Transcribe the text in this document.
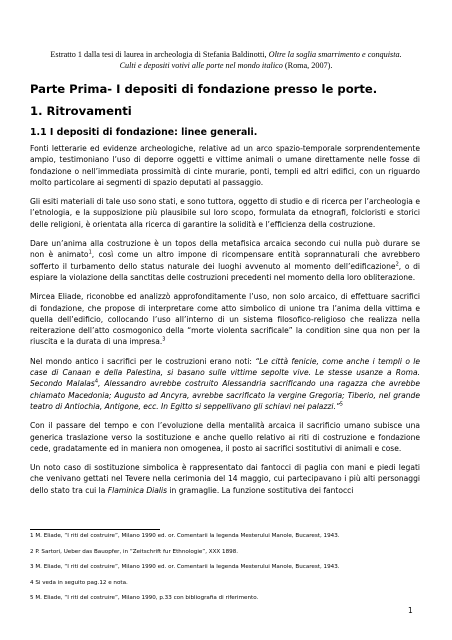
Estratto 1 dalla tesi di laurea in archeologia di Stefania Baldinotti, Oltre la soglia smarrimento e conquista.
Culti e depositi votivi alle porte nel mondo italico (Roma, 2007).
Parte Prima- I depositi di fondazione presso le porte.
1. Ritrovamenti
1.1 I depositi di fondazione: linee generali.

Fonti letterarie ed evidenze archeologiche, relative ad un arco spazio-temporale sorprendentemente ampio, testimoniano l’uso di deporre oggetti e vittime animali o umane direttamente nelle fosse di fondazione o nell’immediata prossimità di cinte murarie, ponti, templi ed altri edifici, con un riguardo molto particolare ai segmenti di spazio deputati al passaggio.

Gli esiti materiali di tale uso sono stati, e sono tuttora, oggetto di studio e di ricerca per l’archeologia e l’etnologia, e la supposizione più plausibile sul loro scopo, formulata da etnografi, folcloristi e storici delle religioni, è orientata alla ricerca di garantire la solidità e l’efficienza della costruzione.

Dare un’anima alla costruzione è un topos della metafisica arcaica secondo cui nulla può durare se non è animato$^1$, così come un altro impone di ricompensare entità soprannaturali che avrebbero sofferto il turbamento dello status naturale dei luoghi avvenuto al momento dell’edificazione$^2$, o di espiare la violazione della sanctitas delle costruzioni precedenti nel momento della loro obliterazione.

Mircea Eliade, riconobbe ed analizzò approfonditamente l’uso, non solo arcaico, di effettuare sacrifici di fondazione, che propose di interpretare come atto simbolico di unione tra l’anima della vittima e quella dell’edificio, collocando l’uso all’interno di un sistema filosofico-religioso che realizza nella reiterazione dell’atto cosmogonico della “morte violenta sacrificale” la condition sine qua non per la riuscita e la durata di una impresa.$^3$

Nel mondo antico i sacrifici per le costruzioni erano noti: “Le città fenicie, come anche i templi o le case di Canaan e della Palestina, si basano sulle vittime sepolte vive. Le stesse usanze a Roma. Secondo Malalas$^4$, Alessandro avrebbe costruito Alessandria sacrificando una ragazza che avrebbe chiamato Macedonia; Augusto ad Ancyra, avrebbe sacrificato la vergine Gregoria; Tiberio, nel grande teatro di Antiochia, Antigone, ecc. In Egitto si seppellivano gli schiavi nei palazzi.”$^5$

Con il passare del tempo e con l’evoluzione della mentalità arcaica il sacrificio umano subisce una generica traslazione verso la sostituzione e anche quello relativo ai riti di costruzione e fondazione cede, gradatamente ed in maniera non omogenea, il posto ai sacrifici sostitutivi di animali e cose.

Un noto caso di sostituzione simbolica è rappresentato dai fantocci di paglia con mani e piedi legati che venivano gettati nel Tevere nella cerimonia del 14 maggio, cui partecipavano i più alti personaggi dello stato tra cui la Flaminica Dialis in gramaglie. La funzione sostitutiva dei fantocci

1 M. Eliade, “I riti del costruire”, Milano 1990 ed. or. Comentarii la legenda Mesterului Manole, Bucarest, 1943.
2 P. Sartori, Ueber das Bauopfer, in “Zeitschrift fur Ethnologie”, XXX 1898.
3 M. Eliade, “I riti del costruire”, Milano 1990 ed. or. Comentarii la legenda Mesterului Manole, Bucarest, 1943.
4 Si veda in seguito pag.12 e nota.
5 M. Eliade, “I riti del costruire”, Milano 1990, p.33 con bibliografia di riferimento.
1
